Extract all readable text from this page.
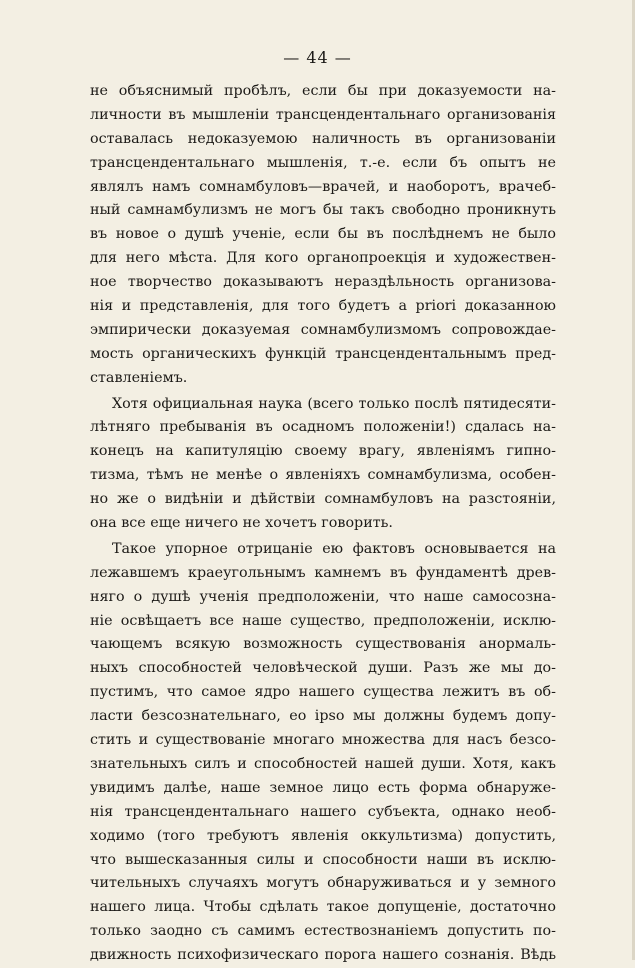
— 44 —
не объяснимый пробѣлъ, если бы при доказуемости на-
личности въ мышленіи трансцендентальнаго организованія
оставалась недоказуемою наличность въ организованіи
трансцендентальнаго мышленія, т.-е. если бъ опытъ не
являлъ намъ сомнамбуловъ—врачей, и наоборотъ, врачеб-
ный самнамбулизмъ не могъ бы такъ свободно проникнуть
въ новое о душѣ ученіе, если бы въ послѣднемъ не было
для него мѣста. Для кого органопроекція и художествен-
ное творчество доказываютъ нераздѣльность организова-
нія и представленія, для того будетъ a priori доказанною
эмпирически доказуемая сомнамбулизмомъ сопровождае-
мость органическихъ функцій трансцендентальнымъ пред-
ставленіемъ.
Хотя официальная наука (всего только послѣ пятидесяти-
лѣтняго пребыванія въ осадномъ положеніи!) сдалась на-
конецъ на капитуляцію своему врагу, явленіямъ гипно-
тизма, тѣмъ не менѣе о явленіяхъ сомнамбулизма, особен-
но же о видѣніи и дѣйствіи сомнамбуловъ на разстояніи,
она все еще ничего не хочетъ говорить.
Такое упорное отрицаніе ею фактовъ основывается на
лежавшемъ краеугольнымъ камнемъ въ фундаментѣ древ-
няго о душѣ ученія предположеніи, что наше самосозна-
ніе освѣщаетъ все наше существо, предположеніи, исклю-
чающемъ всякую возможность существованія анормаль-
ныхъ способностей человѣческой души. Разъ же мы до-
пустимъ, что самое ядро нашего существа лежитъ въ об-
ласти безсознательнаго, eo ipso мы должны будемъ допу-
стить и существованіе многаго множества для насъ безсо-
знательныхъ силъ и способностей нашей души. Хотя, какъ
увидимъ далѣе, наше земное лицо есть форма обнаруже-
нія трансцендентальнаго нашего субъекта, однако необ-
ходимо (того требуютъ явленія оккультизма) допустить,
что вышесказанныя силы и способности наши въ исклю-
чительныхъ случаяхъ могутъ обнаруживаться и у земного
нашего лица. Чтобы сдѣлать такое допущеніе, достаточно
только заодно съ самимъ естествознаніемъ допустить по-
движность психофизическаго порога нашего сознанія. Вѣдь
